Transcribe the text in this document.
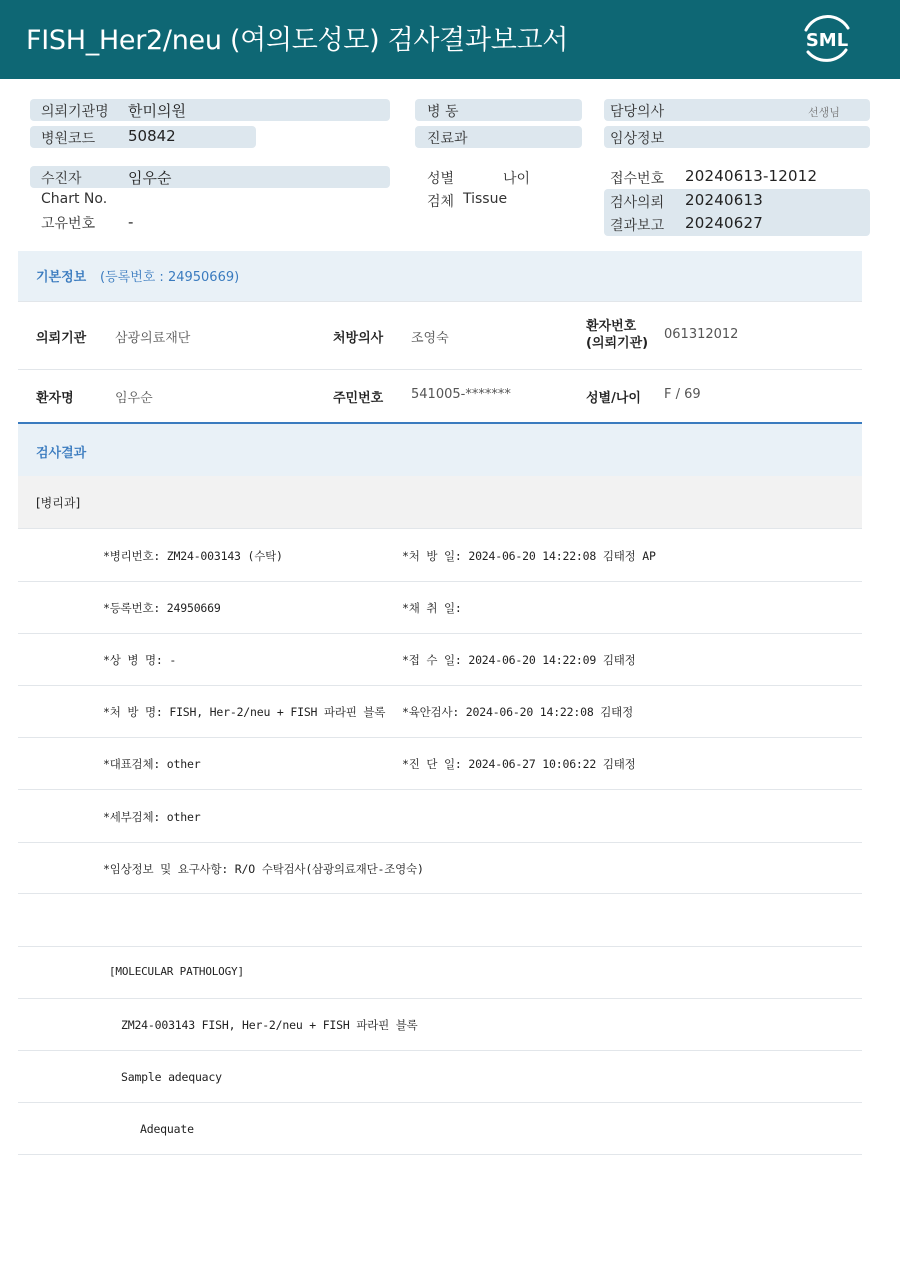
FISH_Her2/neu (여의도성모) 검사결과보고서	SML
의뢰기관명 한미의원
병원코드 50842
병 동
진료과
담당의사	선생님
임상정보
수진자	임우순
Chart No.
고유번호 -
성별	나이
검체 Tissue
접수번호 20240613-12012
검사의뢰 20240613
결과보고 20240627
기본정보 (등록번호 : 24950669)
의뢰기관 삼광의료재단	처방의사 조영숙
환자번호
(의뢰기관)
061312012
환자명	임우순	주민번호 541005-*******	성별/나이 F / 69
검사결과
[병리과]
*병리번호: ZM24-003143 (수탁)	*처 방 일: 2024-06-20 14:22:08 김태정 AP
*등록번호: 24950669	*채 취 일:
*상 병 명: -	*접 수 일: 2024-06-20 14:22:09 김태정
*처 방 명: FISH, Her-2/neu + FISH 파라핀 블록 *육안검사: 2024-06-20 14:22:08 김태정
*대표검체: other	*진 단 일: 2024-06-27 10:06:22 김태정
*세부검체: other
*임상정보 및 요구사항: R/O 수탁검사(삼광의료재단-조영숙)
[MOLECULAR PATHOLOGY]
ZM24-003143 FISH, Her-2/neu + FISH 파라핀 블록
Sample adequacy
Adequate
